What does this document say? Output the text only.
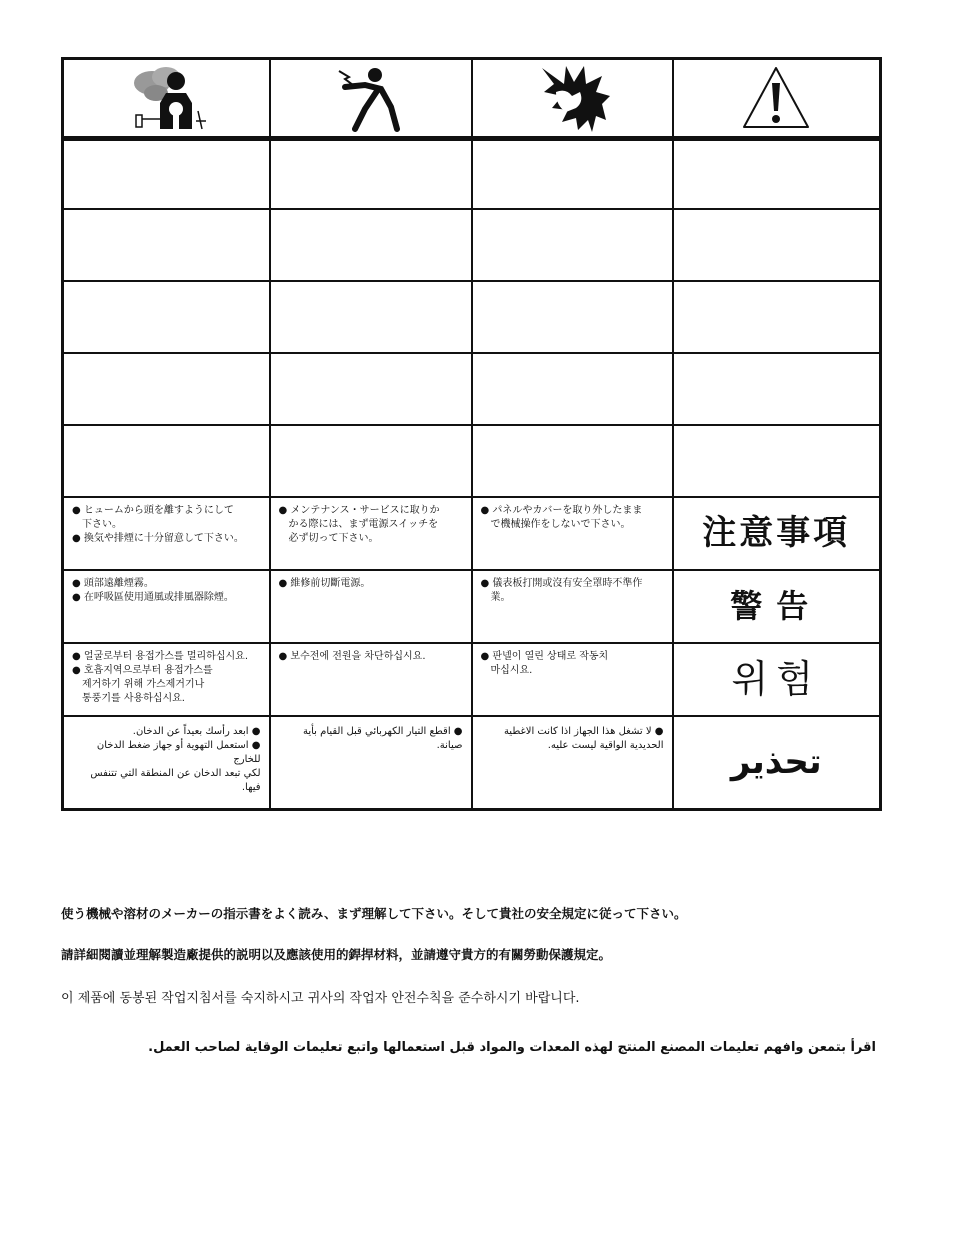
● ヒュームから頭を離すようにして
　下さい。
● 換気や排煙に十分留意して下さい。	● メンテナンス・サービスに取りか
　かる際には、まず電源スイッチを
　必ず切って下さい。	● パネルやカバーを取り外したまま
　で機械操作をしないで下さい。	注意事項

● 頭部遠離煙霧。
● 在呼吸區使用通風或排風器除煙。	● 維修前切斷電源。	● 儀表板打開或沒有安全罩時不準作
　業。	警告

● 얼굴로부터 용접가스를 멀리하십시요.
● 호흡지역으로부터 용접가스를
　제거하기 위해 가스제거기나
　통풍기를 사용하십시요.	● 보수전에 전원을 차단하십시요.	● 판넬이 열린 상태로 작동치
　마십시요.	위험

● ابعد رأسك بعيداً عن الدخان.
● استعمل التهوية أو جهاز ضغط الدخان للخارج
لكي تبعد الدخان عن المنطقة التي تتنفس فيها.	● اقطع التيار الكهربائي قبل القيام بأية صيانة.	● لا تشغل هذا الجهاز اذا كانت الاغطية
الحديدية الواقية ليست عليه.	تحذير
使う機械や溶材のメーカーの指示書をよく読み、まず理解して下さい。そして貴社の安全規定に従って下さい。
請詳細閱讀並理解製造廠提供的説明以及應該使用的銲捍材料，並請遵守貴方的有關勞動保護規定。
이 제품에 동봉된 작업지침서를 숙지하시고 귀사의 작업자 안전수칙을 준수하시기 바랍니다.
اقرأ بتمعن وافهم تعليمات المصنع المنتج لهذه المعدات والمواد قبل استعمالها واتبع تعليمات الوقاية لصاحب العمل.
